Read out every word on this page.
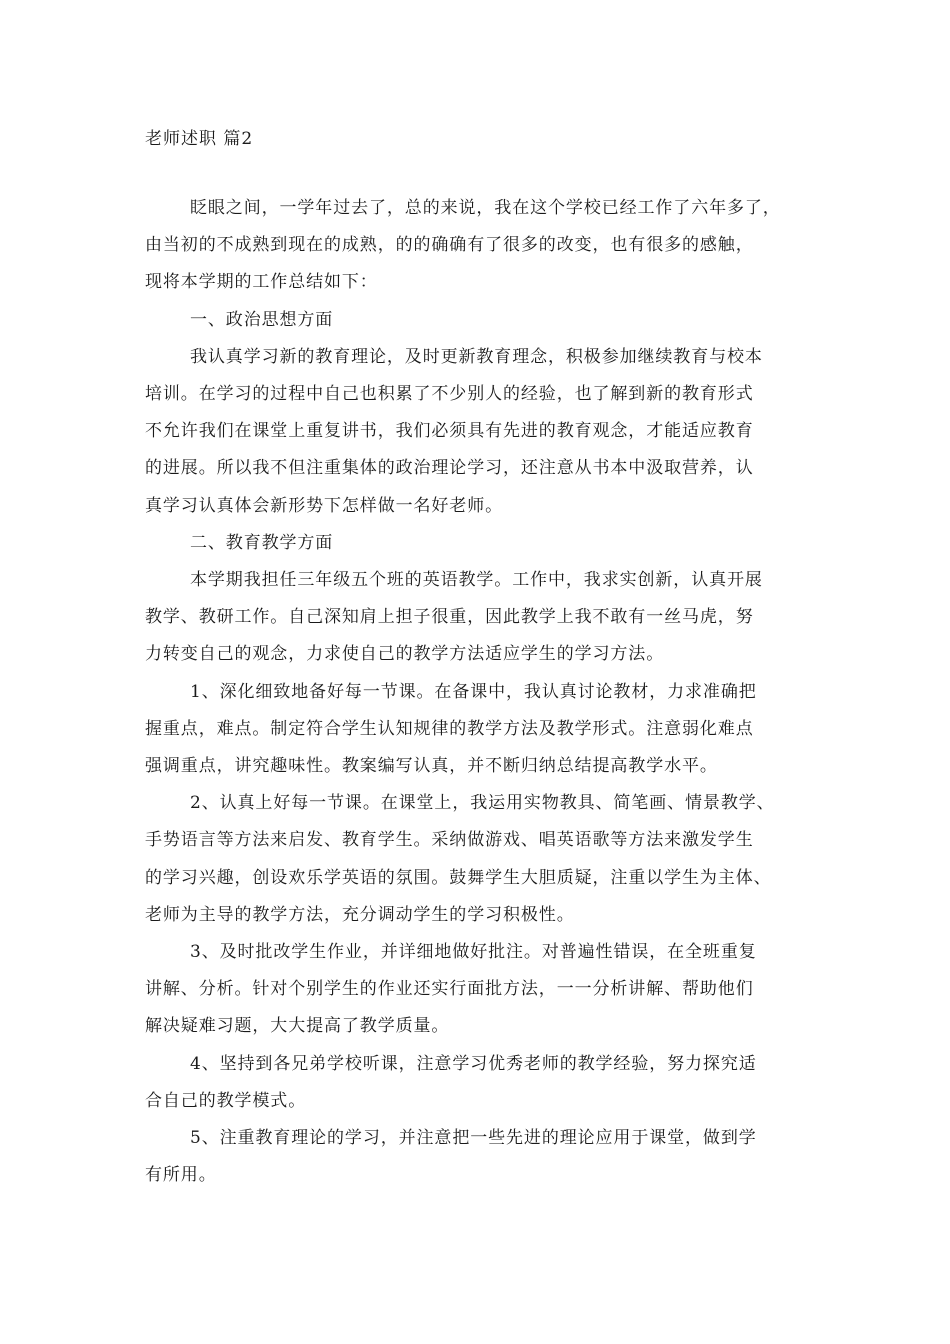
老师述职 篇2

眨眼之间，一学年过去了，总的来说，我在这个学校已经工作了六年多了，
由当初的不成熟到现在的成熟，的的确确有了很多的改变，也有很多的感触，
现将本学期的工作总结如下：

一、政治思想方面

我认真学习新的教育理论，及时更新教育理念，积极参加继续教育与校本
培训。在学习的过程中自己也积累了不少别人的经验，也了解到新的教育形式
不允许我们在课堂上重复讲书，我们必须具有先进的教育观念，才能适应教育
的进展。所以我不但注重集体的政治理论学习，还注意从书本中汲取营养，认
真学习认真体会新形势下怎样做一名好老师。

二、教育教学方面

本学期我担任三年级五个班的英语教学。工作中，我求实创新，认真开展
教学、教研工作。自己深知肩上担子很重，因此教学上我不敢有一丝马虎，努
力转变自己的观念，力求使自己的教学方法适应学生的学习方法。

1、深化细致地备好每一节课。在备课中，我认真讨论教材，力求准确把
握重点，难点。制定符合学生认知规律的教学方法及教学形式。注意弱化难点
强调重点，讲究趣味性。教案编写认真，并不断归纳总结提高教学水平。

2、认真上好每一节课。在课堂上，我运用实物教具、简笔画、情景教学、
手势语言等方法来启发、教育学生。采纳做游戏、唱英语歌等方法来激发学生
的学习兴趣，创设欢乐学英语的氛围。鼓舞学生大胆质疑，注重以学生为主体、
老师为主导的教学方法，充分调动学生的学习积极性。

3、及时批改学生作业，并详细地做好批注。对普遍性错误，在全班重复
讲解、分析。针对个别学生的作业还实行面批方法，一一分析讲解、帮助他们
解决疑难习题，大大提高了教学质量。

4、坚持到各兄弟学校听课，注意学习优秀老师的教学经验，努力探究适
合自己的教学模式。

5、注重教育理论的学习，并注意把一些先进的理论应用于课堂，做到学
有所用。
